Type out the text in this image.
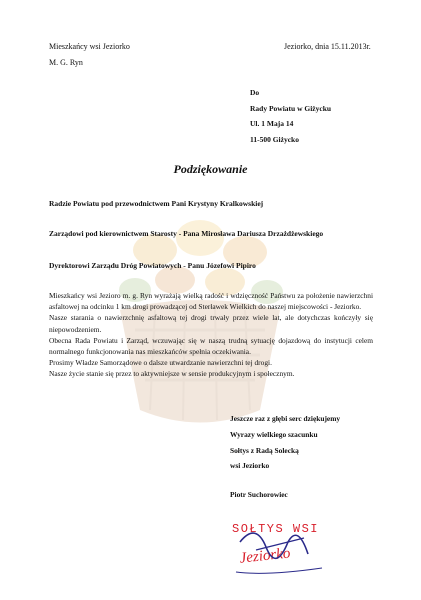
Mieszkańcy wsi Jeziorko
M. G. Ryn
Jeziorko, dnia 15.11.2013r.
Do
Rady Powiatu w Giżycku
Ul. 1 Maja 14
11-500 Giżycko
Podziękowanie
Radzie Powiatu pod przewodnictwem Pani Krystyny Kralkowskiej
Zarządowi pod kierownictwem Starosty - Pana Mirosława Dariusza Drzażdżewskiego
Dyrektorowi Zarządu Dróg Powiatowych - Panu Józefowi Pipiro

Mieszkańcy wsi Jezioro m. g. Ryn wyrażają wielką radość i wdzięczność Państwu za położenie nawierzchni asfaltowej na odcinku 1 km drogi prowadzącej od Sterławek Wielkich do naszej miejscowości - Jeziorko.

Nasze starania o nawierzchnię asfaltową tej drogi trwały przez wiele lat, ale dotychczas kończyły się niepowodzeniem.

Obecna Rada Powiatu i Zarząd, wczuwając się w naszą trudną sytuację dojazdową do instytucji celem normalnego funkcjonowania nas mieszkańców spełnia oczekiwania.

Prosimy Władze Samorządowe o dalsze utwardzanie nawierzchni tej drogi.

Nasze życie stanie się przez to aktywniejsze w sensie produkcyjnym i społecznym.

Jeszcze raz z głębi serc dziękujemy
Wyrazy wielkiego szacunku
Sołtys z Radą Solecką
wsi Jeziorko
Piotr Suchorowiec
SOŁTYS WSI
Jeziorko
